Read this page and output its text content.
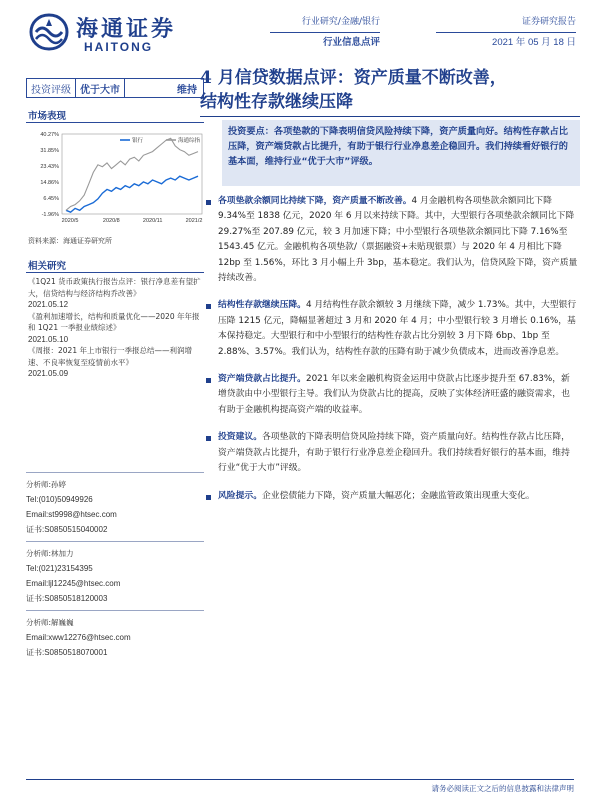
海通证券
HAITONG
行业研究/金融/银行
行业信息点评
证券研究报告
2021 年 05 月 18 日
投资评级 优于大市	维持
市场表现
40.27%
31.85%
23.43%
14.86%
6.45%
-1.96%
2020/5	2020/8	2020/11	2021/2
银行	海通综指
资料来源：海通证券研究所
相关研究
《1Q21 货币政策执行报告点评：银行净息差有望扩大，信贷结构与经济结构乔改善》
2021.05.12
《盈利加速增长，结构和质量优化——2020 年年报和 1Q21 一季报业绩综述》
2021.05.10
《周报：2021 年上市银行一季报总结——利润增速、不良率恢复至疫情前水平》
2021.05.09
分析师:孙婷
Tel:(010)50949926
Email:st9998@htsec.com
证书:S0850515040002
分析师:林加力
Tel:(021)23154395
Email:ljl12245@htsec.com
证书:S0850518120003
分析师:解巍巍
Email:xww12276@htsec.com
证书:S0850518070001
4 月信贷数据点评：资产质量不断改善，
结构性存款继续压降
投资要点：各项垫款的下降表明信贷风险持续下降，资产质量向好。结构性存款占比压降，资产端贷款占比提升，有助于银行行业净息差企稳回升。我们持续看好银行的基本面，维持行业“优于大市”评级。
各项垫款余额同比持续下降，资产质量不断改善。4 月金融机构各项垫款余额同比下降 9.34%至 1838 亿元，2020 年 6 月以来持续下降。其中，大型银行各项垫款余额同比下降 29.27%至 207.89 亿元，较 3 月加速下降；中小型银行各项垫款余额同比下降 7.16%至 1543.45 亿元。金融机构各项垫款/（票据融资+未贴现银票）与 2020 年 4 月相比下降 12bp 至 1.56%，环比 3 月小幅上升 3bp，基本稳定。我们认为，信贷风险下降，资产质量持续改善。
结构性存款继续压降。4 月结构性存款余额较 3 月继续下降，减少 1.73%。其中，大型银行压降 1215 亿元，降幅显著超过 3 月和 2020 年 4 月；中小型银行较 3 月增长 0.16%，基本保持稳定。大型银行和中小型银行的结构性存款占比分别较 3 月下降 6bp、1bp 至 2.88%、3.57%。我们认为，结构性存款的压降有助于减少负债成本，进而改善净息差。
资产端贷款占比提升。2021 年以来金融机构资金运用中贷款占比逐步提升至 67.83%，新增贷款由中小型银行主导。我们认为贷款占比的提高，反映了实体经济旺盛的融资需求，也有助于金融机构提高资产端的收益率。
投资建议。各项垫款的下降表明信贷风险持续下降，资产质量向好。结构性存款占比压降，资产端贷款占比提升，有助于银行行业净息差企稳回升。我们持续看好银行的基本面，维持行业“优于大市”评级。
风险提示。企业偿债能力下降，资产质量大幅恶化；金融监管政策出现重大变化。
请务必阅读正文之后的信息披露和法律声明
